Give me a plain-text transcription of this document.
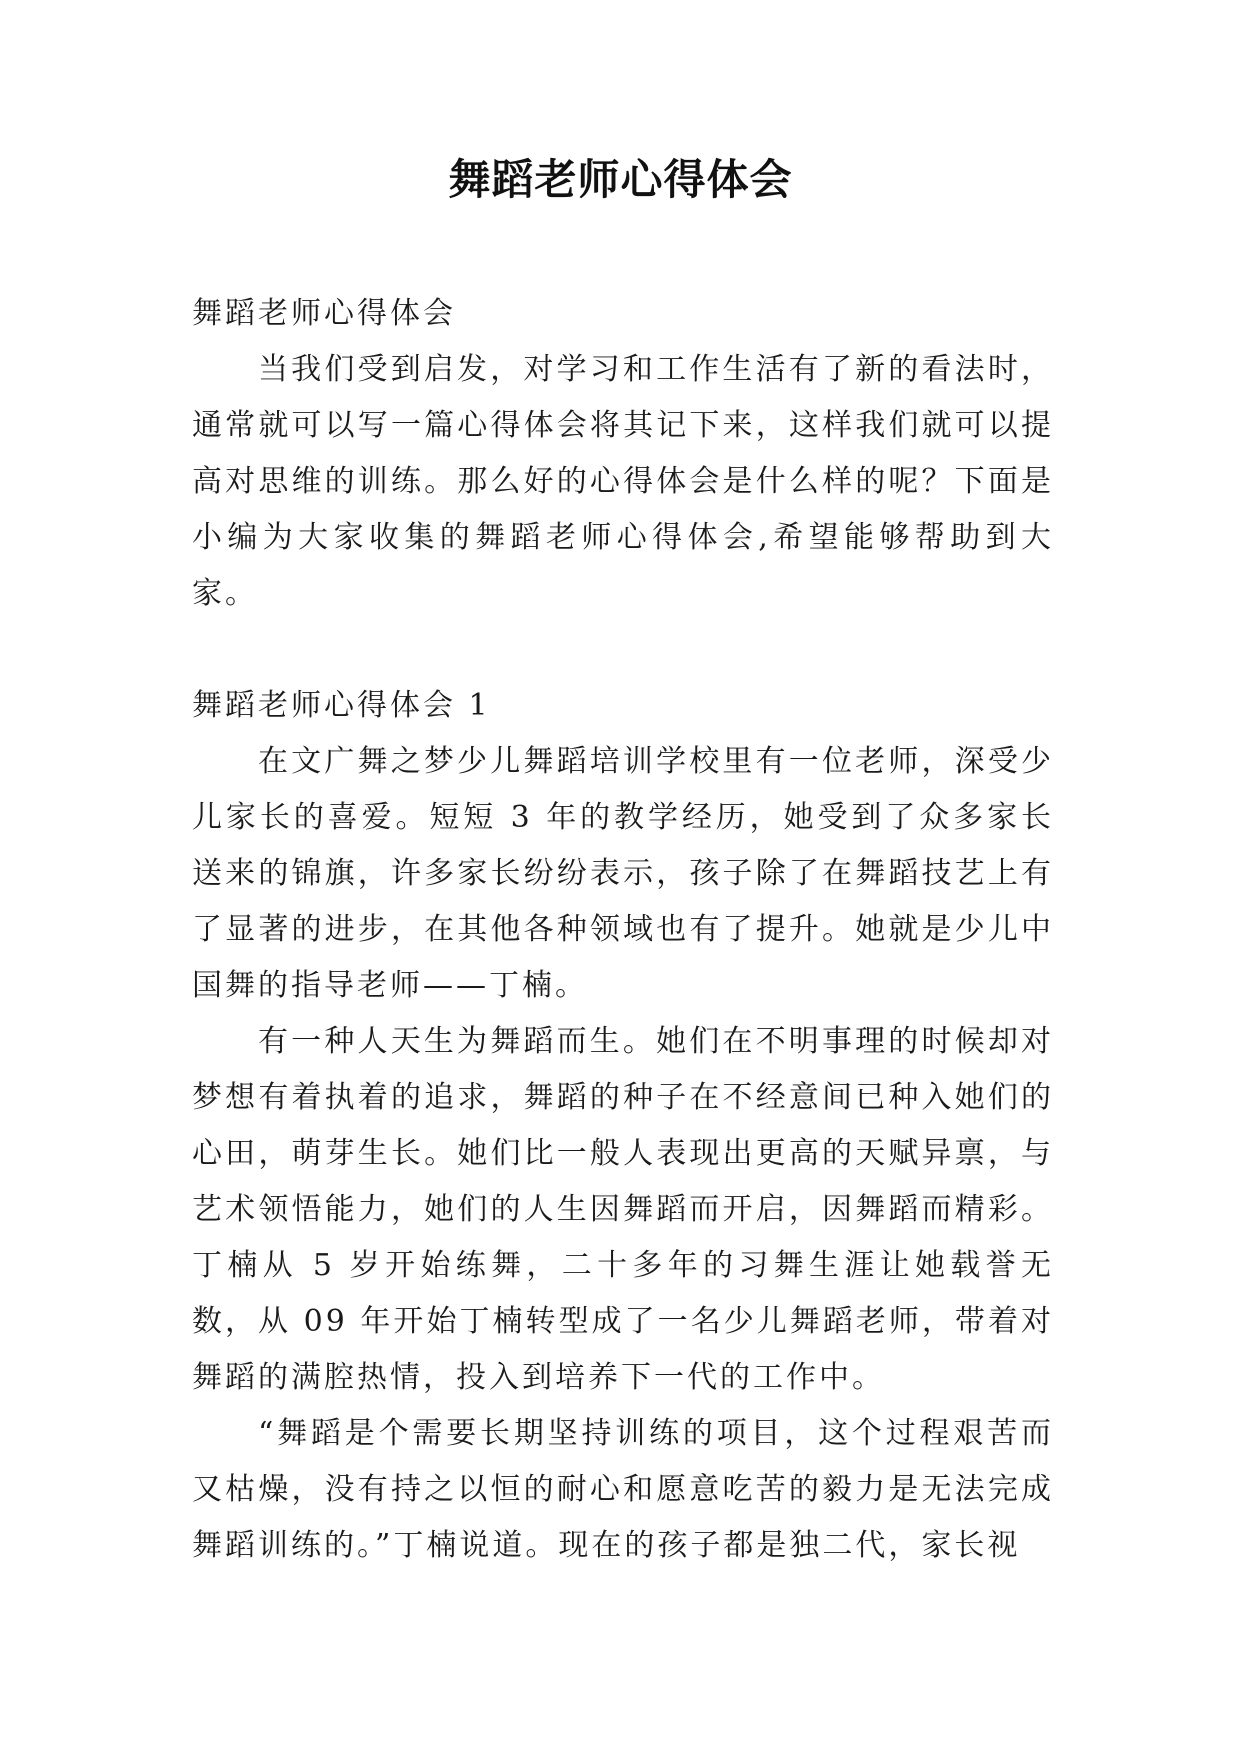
舞蹈老师心得体会

舞蹈老师心得体会

当我们受到启发，对学习和工作生活有了新的看法时，通常就可以写一篇心得体会将其记下来，这样我们就可以提高对思维的训练。那么好的心得体会是什么样的呢？下面是小编为大家收集的舞蹈老师心得体会,希望能够帮助到大家。

舞蹈老师心得体会 1

在文广舞之梦少儿舞蹈培训学校里有一位老师，深受少儿家长的喜爱。短短 3 年的教学经历，她受到了众多家长送来的锦旗，许多家长纷纷表示，孩子除了在舞蹈技艺上有了显著的进步，在其他各种领域也有了提升。她就是少儿中国舞的指导老师——丁楠。

有一种人天生为舞蹈而生。她们在不明事理的时候却对梦想有着执着的追求，舞蹈的种子在不经意间已种入她们的心田，萌芽生长。她们比一般人表现出更高的天赋异禀，与艺术领悟能力，她们的人生因舞蹈而开启，因舞蹈而精彩。丁楠从 5 岁开始练舞，二十多年的习舞生涯让她载誉无数，从 09 年开始丁楠转型成了一名少儿舞蹈老师，带着对舞蹈的满腔热情，投入到培养下一代的工作中。

“舞蹈是个需要长期坚持训练的项目，这个过程艰苦而又枯燥，没有持之以恒的耐心和愿意吃苦的毅力是无法完成舞蹈训练的。”丁楠说道。现在的孩子都是独二代，家长视
